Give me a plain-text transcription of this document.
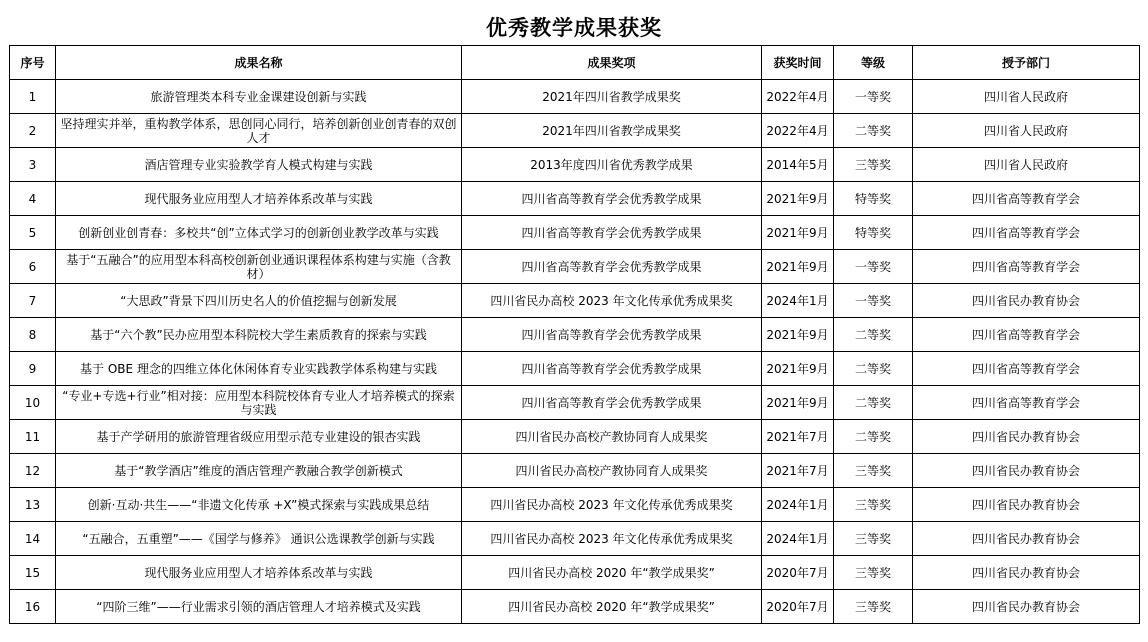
优秀教学成果获奖
序号	成果名称	成果奖项	获奖时间	等级	授予部门
1	旅游管理类本科专业金课建设创新与实践	2021年四川省教学成果奖	2022年4月	一等奖	四川省人民政府
2	坚持理实并举，重构教学体系，思创同心同行，培养创新创业创青春的双创人才	2021年四川省教学成果奖	2022年4月	二等奖	四川省人民政府
3	酒店管理专业实验教学育人模式构建与实践	2013年度四川省优秀教学成果	2014年5月	三等奖	四川省人民政府
4	现代服务业应用型人才培养体系改革与实践	四川省高等教育学会优秀教学成果	2021年9月	特等奖	四川省高等教育学会
5	创新创业创青春：多校共“创”立体式学习的创新创业教学改革与实践	四川省高等教育学会优秀教学成果	2021年9月	特等奖	四川省高等教育学会
6	基于“五融合”的应用型本科高校创新创业通识课程体系构建与实施（含教材）	四川省高等教育学会优秀教学成果	2021年9月	一等奖	四川省高等教育学会
7	“大思政”背景下四川历史名人的价值挖掘与创新发展	四川省民办高校 2023 年文化传承优秀成果奖	2024年1月	一等奖	四川省民办教育协会
8	基于“六个教”民办应用型本科院校大学生素质教育的探索与实践	四川省高等教育学会优秀教学成果	2021年9月	二等奖	四川省高等教育学会
9	基于 OBE 理念的四维立体化休闲体育专业实践教学体系构建与实践	四川省高等教育学会优秀教学成果	2021年9月	二等奖	四川省高等教育学会
10	“专业+专选+行业”相对接：应用型本科院校体育专业人才培养模式的探索与实践	四川省高等教育学会优秀教学成果	2021年9月	二等奖	四川省高等教育学会
11	基于产学研用的旅游管理省级应用型示范专业建设的银杏实践	四川省民办高校产教协同育人成果奖	2021年7月	二等奖	四川省民办教育协会
12	基于“教学酒店”维度的酒店管理产教融合教学创新模式	四川省民办高校产教协同育人成果奖	2021年7月	三等奖	四川省民办教育协会
13	创新·互动·共生——“非遗文化传承 +X”模式探索与实践成果总结	四川省民办高校 2023 年文化传承优秀成果奖	2024年1月	三等奖	四川省民办教育协会
14	“五融合，五重塑”——《国学与修养》 通识公选课教学创新与实践	四川省民办高校 2023 年文化传承优秀成果奖	2024年1月	三等奖	四川省民办教育协会
15	现代服务业应用型人才培养体系改革与实践	四川省民办高校 2020 年“教学成果奖”	2020年7月	三等奖	四川省民办教育协会
16	“四阶三维”——行业需求引领的酒店管理人才培养模式及实践	四川省民办高校 2020 年“教学成果奖”	2020年7月	三等奖	四川省民办教育协会
